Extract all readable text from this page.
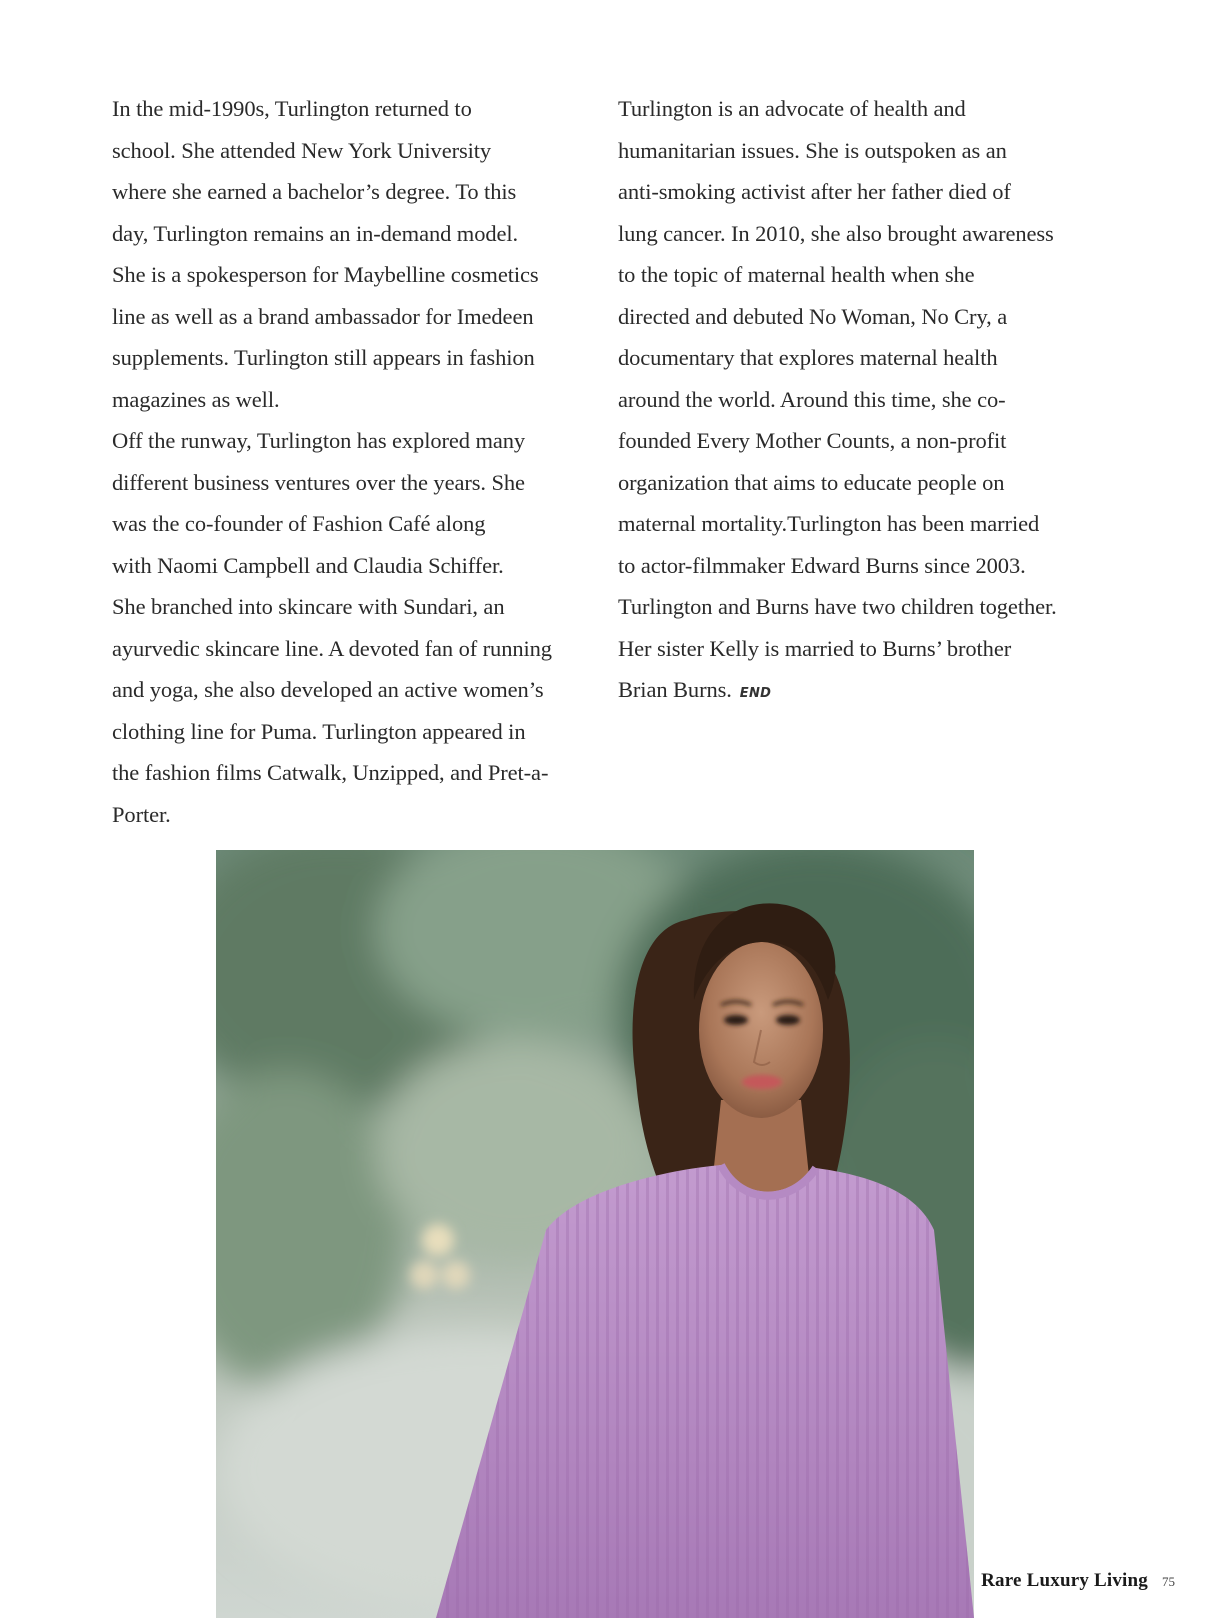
In the mid-1990s, Turlington returned to
school. She attended New York University
where she earned a bachelor’s degree. To this
day, Turlington remains an in-demand model.
She is a spokesperson for Maybelline cosmetics
line as well as a brand ambassador for Imedeen
supplements. Turlington still appears in fashion
magazines as well.
Off the runway, Turlington has explored many
different business ventures over the years. She
was the co-founder of Fashion Café along
with Naomi Campbell and Claudia Schiffer.
She branched into skincare with Sundari, an
ayurvedic skincare line. A devoted fan of running
and yoga, she also developed an active women’s
clothing line for Puma. Turlington appeared in
the fashion films Catwalk, Unzipped, and Pret-a-
Porter.
Turlington is an advocate of health and
humanitarian issues. She is outspoken as an
anti-smoking activist after her father died of
lung cancer. In 2010, she also brought awareness
to the topic of maternal health when she
directed and debuted No Woman, No Cry, a
documentary that explores maternal health
around the world. Around this time, she co-
founded Every Mother Counts, a non-profit
organization that aims to educate people on
maternal mortality.Turlington has been married
to actor-filmmaker Edward Burns since 2003.
Turlington and Burns have two children together.
Her sister Kelly is married to Burns’ brother
Brian Burns. END
Rare Luxury Living 75
